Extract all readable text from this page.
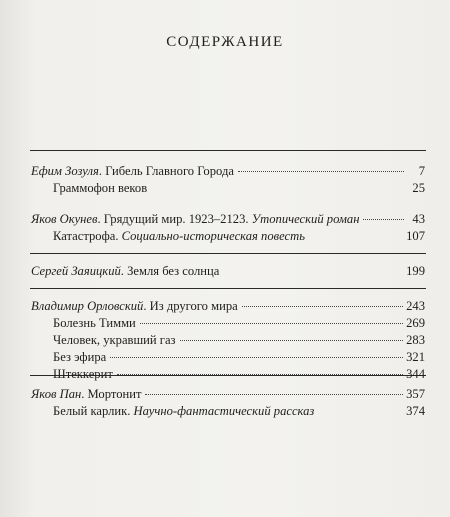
СОДЕРЖАНИЕ
Ефим Зозуля. Гибель Главного Города	7
Граммофон веков	25
Яков Окунев. Грядущий мир. 1923–2123. Утопический роман	43
Катастрофа. Социально-историческая повесть	107
Сергей Заяицкий. Земля без солнца	199
Владимир Орловский. Из другого мира	243
Болезнь Тимми	269
Человек, укравший газ	283
Без эфира	321
Штеккерит	344
Яков Пан. Мортонит	357
Белый карлик. Научно-фантастический рассказ	374
